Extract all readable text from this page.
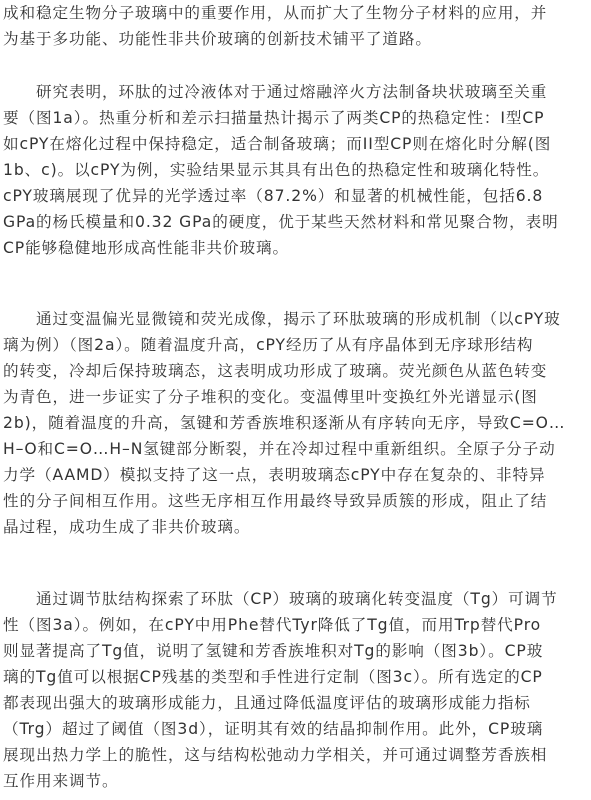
成和稳定生物分子玻璃中的重要作用，从而扩大了生物分子材料的应用，并
为基于多功能、功能性非共价玻璃的创新技术铺平了道路。

　　研究表明，环肽的过冷液体对于通过熔融淬火方法制备块状玻璃至关重
要（图1a）。热重分析和差示扫描量热计揭示了两类CP的热稳定性：I型CP
如cPY在熔化过程中保持稳定，适合制备玻璃；而II型CP则在熔化时分解(图
1b、c)。以cPY为例，实验结果显示其具有出色的热稳定性和玻璃化特性。
cPY玻璃展现了优异的光学透过率（87.2%）和显著的机械性能，包括6.8
GPa的杨氏模量和0.32 GPa的硬度，优于某些天然材料和常见聚合物，表明
CP能够稳健地形成高性能非共价玻璃。

　　通过变温偏光显微镜和荧光成像，揭示了环肽玻璃的形成机制（以cPY玻
璃为例）（图2a）。随着温度升高，cPY经历了从有序晶体到无序球形结构
的转变，冷却后保持玻璃态，这表明成功形成了玻璃。荧光颜色从蓝色转变
为青色，进一步证实了分子堆积的变化。变温傅里叶变换红外光谱显示(图
2b)，随着温度的升高，氢键和芳香族堆积逐渐从有序转向无序，导致C=O…
H–O和C=O…H–N氢键部分断裂，并在冷却过程中重新组织。全原子分子动
力学（AAMD）模拟支持了这一点，表明玻璃态cPY中存在复杂的、非特异
性的分子间相互作用。这些无序相互作用最终导致异质簇的形成，阻止了结
晶过程，成功生成了非共价玻璃。

　　通过调节肽结构探索了环肽（CP）玻璃的玻璃化转变温度（Tg）可调节
性（图3a）。例如，在cPY中用Phe替代Tyr降低了Tg值，而用Trp替代Pro
则显著提高了Tg值，说明了氢键和芳香族堆积对Tg的影响（图3b）。CP玻
璃的Tg值可以根据CP残基的类型和手性进行定制（图3c）。所有选定的CP
都表现出强大的玻璃形成能力，且通过降低温度评估的玻璃形成能力指标
（Trg）超过了阈值（图3d），证明其有效的结晶抑制作用。此外，CP玻璃
展现出热力学上的脆性，这与结构松弛动力学相关，并可通过调整芳香族相
互作用来调节。
